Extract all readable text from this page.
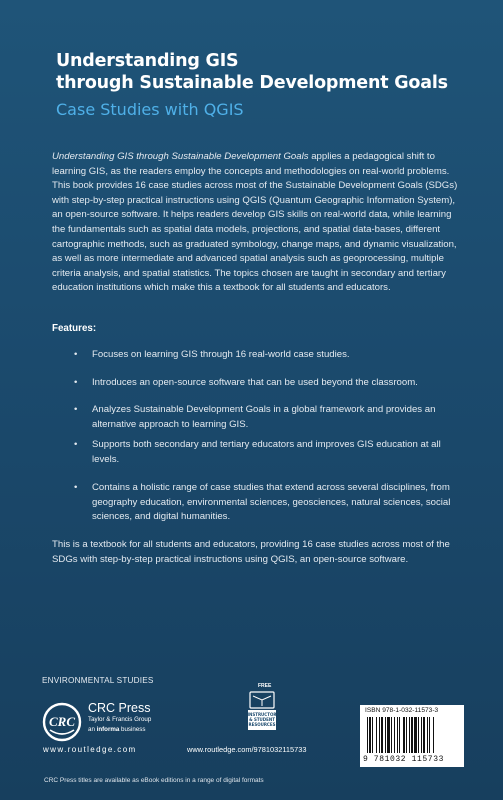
Understanding GIS
through Sustainable Development Goals
Case Studies with QGIS
Understanding GIS through Sustainable Development Goals applies a pedagogical shift to learning GIS, as the readers employ the concepts and methodologies on real-world problems. This book provides 16 case studies across most of the Sustainable Development Goals (SDGs) with step-by-step practical instructions using QGIS (Quantum Geographic Information System), an open-source software. It helps readers develop GIS skills on real-world data, while learning the fundamentals such as spatial data models, projections, and spatial data-bases, different cartographic methods, such as graduated symbology, change maps, and dynamic visualization, as well as more intermediate and advanced spatial analysis such as geoprocessing, multiple criteria analysis, and spatial statistics. The topics chosen are taught in secondary and tertiary education institutions which make this a textbook for all students and educators.
Features:
• Focuses on learning GIS through 16 real-world case studies.
• Introduces an open-source software that can be used beyond the classroom.
• Analyzes Sustainable Development Goals in a global framework and provides an alternative approach to learning GIS.
• Supports both secondary and tertiary educators and improves GIS education at all levels.
• Contains a holistic range of case studies that extend across several disciplines, from geography education, environmental sciences, geosciences, natural sciences, social sciences, and digital humanities.
This is a textbook for all students and educators, providing 16 case studies across most of the SDGs with step-by-step practical instructions using QGIS, an open-source software.
ENVIRONMENTAL STUDIES
CRC
CRC Press
Taylor & Francis Group
an informa business
www.routledge.com
FREE
INSTRUCTOR
& STUDENT
RESOURCES
www.routledge.com/9781032115733
ISBN 978-1-032-11573-3
9 781032 115733
CRC Press titles are available as eBook editions in a range of digital formats
